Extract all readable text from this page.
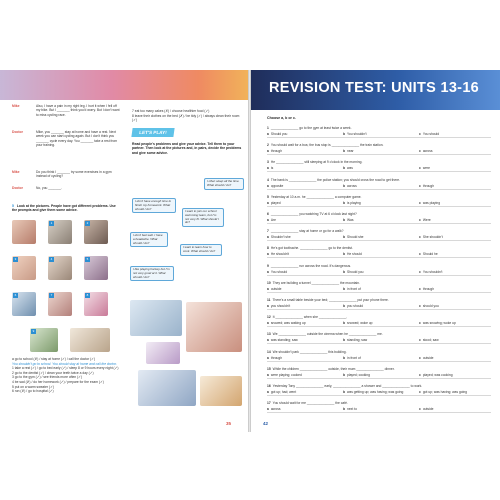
REVISION TEST: UNITS 13-16
Mike	Also, I have a pain in my right leg. I hurt it when I fell off my bike. But I _______ think you'd worry. But I don't want to miss cycling race.
Doctor	Mike, you _______ stay at home and have a rest. Next week you can start cycling again. But I don't think you _______ cycle every day. You _______ take a rest from your training.
Mike	Do you think I _______ try some exercises in a gym instead of cycling?
Doctor	No, you _______.
5 Look at the pictures. People have got different problems. Use the prompts and give them some advice.
1	2
3	4	5
6	7	8
9
a go to school (✗) / stay at home (✓) / call the doctor (✓)
You shouldn't go to school. You should stay at home and call the doctor.
1 take a rest (✓) / go to bed early (✓) / sleep 8 or 9 hours every night (✓)
2 go to the dentist (✓) / clean your teeth twice a day (✓)
3 go to the gym (✓) / see friends more often (✓)
4 be sad (✗) / do her homework (✓) / prepare for the exam (✓)
5 put on a warm sweater (✓)
6 run (✗) / go to hospital (✓)
7 eat too many cakes (✗) / choose healthier food (✓)
8 leave their clothes on the bed (✗) / be tidy (✓) / always clean their room (✓)
LET'S PLAY!
Read people's problems and give your advice. Tell them to your partner. Then look at the pictures and, in pairs, decide the problems and give some advice.
I often sleep all the time. What should I do?
I don't have enough time to finish my homework. What should I do?
I want to join our school swimming team, but I'm not very fit. What should I do?
I don't feel well. I have a headache. What should I do?
I want to learn how to cook. What should I do?
I like playing hockey but I'm not very good at it. What should I do?
35
Choose a, b or c.
1 _______________ go to the gym at least twice a week.
a Should you	b You shouldn't	c You should
2 You should wait for a bus; the bus stop is _______________ the train station.
a through	b near	c across
3 He _______________ still sleeping at 9 o'clock in the morning.
a is	b was	c were
4 The bank is _______________ the police station; you should cross the road to get there.
a opposite	b across	c through
5 Yesterday at 10 a.m. he _______________ a computer game.
a played	b is playing	c was playing
6 _______________ you watching TV at 6 o'clock last night?
a Are	b Was	c Were
7 _______________ stay at home or go for a walk?
a Shouldn't she	b Should she	c She shouldn't
8 He's got toothache. _______________ go to the dentist.
a He shouldn't	b He should	c Should he
9 _______________ run across the road. It's dangerous.
a You should	b Should you	c You shouldn't
10 They are building a tunnel _______________ the mountain.
a outside	b in front of	c through
11 There's a small table beside your bed; _______________ put your phone there.
a you shouldn't	b you should	c should you
12 It _______________ when she _______________.
a snowed; was waking up	b snowed; woke up	c was snowing; woke up
13 We _______________ outside the cinema when he _______________ me.
a was standing; saw	b standing; saw	c stood; saw
14 We shouldn't park _______________ this building.
a through	b in front of	c outside
15 While the children _______________ outside, their mum _______________ dinner.
a were playing; cooked	b played; cooking	c played; was cooking
16 Yesterday Tony _______________ early, _______________ a shower and _______________ to work.
a got up; had; went	b was getting up; was having; was going	c got up; was having; was going
17 You should wait for me _______________ the café.
a across	b next to	c outside
42
